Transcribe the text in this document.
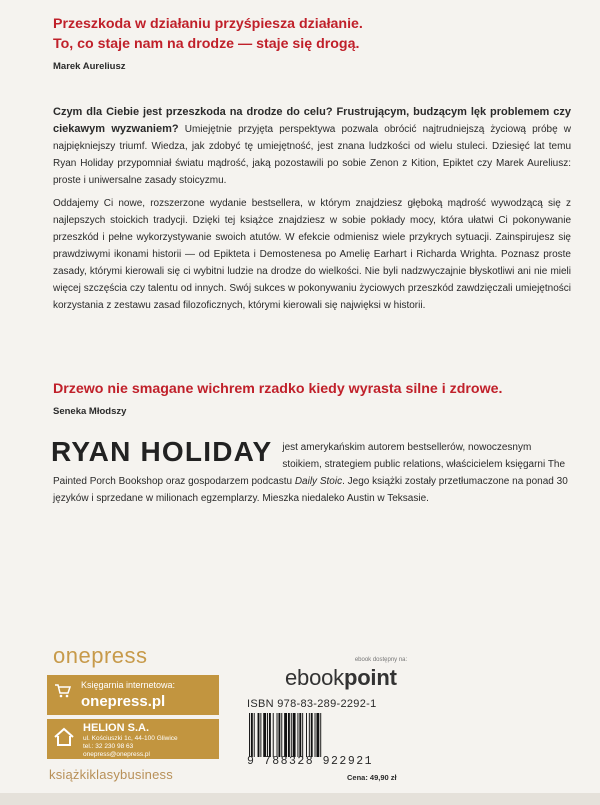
Przeszkoda w działaniu przyśpiesza działanie.

To, co staje nam na drodze — staje się drogą.

Marek Aureliusz

Czym dla Ciebie jest przeszkoda na drodze do celu? Frustrującym, budzącym lęk problemem czy ciekawym wyzwaniem? Umiejętnie przyjęta perspektywa pozwala obrócić najtrudniejszą życiową próbę w najpiękniejszy triumf. Wiedza, jak zdobyć tę umiejętność, jest znana ludzkości od wielu stuleci. Dziesięć lat temu Ryan Holiday przypomniał światu mądrość, jaką pozostawili po sobie Zenon z Kition, Epiktet czy Marek Aureliusz: proste i uniwersalne zasady stoicyzmu.

Oddajemy Ci nowe, rozszerzone wydanie bestsellera, w którym znajdziesz głęboką mądrość wywodzącą się z najlepszych stoickich tradycji. Dzięki tej książce znajdziesz w sobie pokłady mocy, która ułatwi Ci pokonywanie przeszkód i pełne wykorzystywanie swoich atutów. W efekcie odmienisz wiele przykrych sytuacji. Zainspirujesz się prawdziwymi ikonami historii — od Epikteta i Demostenesa po Amelię Earhart i Richarda Wrighta. Poznasz proste zasady, którymi kierowali się ci wybitni ludzie na drodze do wielkości. Nie byli nadzwyczajnie błyskotliwi ani nie mieli więcej szczęścia czy talentu od innych. Swój sukces w pokonywaniu życiowych przeszkód zawdzięczali umiejętności korzystania z zestawu zasad filozoficznych, którymi kierowali się najwięksi w historii.

Drzewo nie smagane wichrem rzadko kiedy wyrasta silne i zdrowe.

Seneka Młodszy
RYAN HOLIDAY jest amerykańskim autorem bestsellerów, nowoczesnym stoikiem, strategiem public relations, właścicielem księgarni The Painted Porch Bookshop oraz gospodarzem podcastu Daily Stoic. Jego książki zostały przetłumaczone na ponad 30 języków i sprzedane w milionach egzemplarzy. Mieszka niedaleko Austin w Teksasie.
onepress
Księgarnia internetowa:
onepress.pl
HELION S.A.
ul. Kościuszki 1c, 44-100 Gliwice
tel.: 32 230 98 63
onepress@onepress.pl
książkiklasybusiness
ebook dostępny na:
ebookpoint
ISBN 978-83-289-2292-1
9 788328 922921
Cena: 49,90 zł
